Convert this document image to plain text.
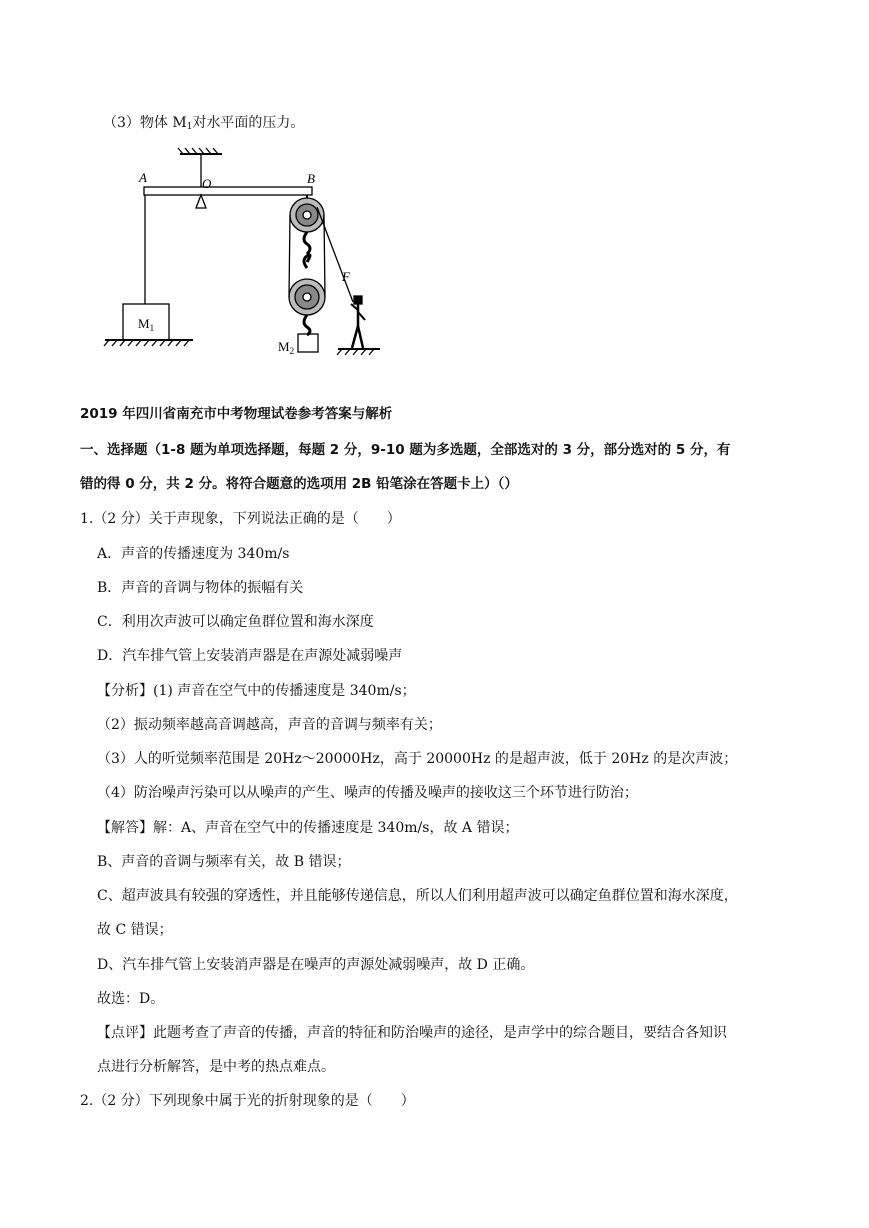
（3）物体 $M_1$对水平面的压力。
A	O	B
F
$M_1$
$M_2$
2019 年四川省南充市中考物理试卷参考答案与解析
一、选择题（1-8 题为单项选择题，每题 2 分，9-10 题为多选题，全部选对的 3 分，部分选对的 5 分，有
错的得 0 分，共 2 分。将符合题意的选项用 2B 铅笔涂在答题卡上）（）
1.（2 分）关于声现象，下列说法正确的是（　　）
A．声音的传播速度为 340m/s
B．声音的音调与物体的振幅有关
C．利用次声波可以确定鱼群位置和海水深度
D．汽车排气管上安装消声器是在声源处减弱噪声
【分析】(1) 声音在空气中的传播速度是 340m/s；
（2）振动频率越高音调越高，声音的音调与频率有关；
（3）人的听觉频率范围是 20Hz～20000Hz，高于 20000Hz 的是超声波，低于 20Hz 的是次声波；
（4）防治噪声污染可以从噪声的产生、噪声的传播及噪声的接收这三个环节进行防治；
【解答】解：A、声音在空气中的传播速度是 340m/s，故 A 错误；
B、声音的音调与频率有关，故 B 错误；
C、超声波具有较强的穿透性，并且能够传递信息，所以人们利用超声波可以确定鱼群位置和海水深度，
故 C 错误；
D、汽车排气管上安装消声器是在噪声的声源处减弱噪声，故 D 正确。
故选：D。
【点评】此题考查了声音的传播，声音的特征和防治噪声的途径，是声学中的综合题目，要结合各知识
点进行分析解答，是中考的热点难点。
2.（2 分）下列现象中属于光的折射现象的是（　　）
